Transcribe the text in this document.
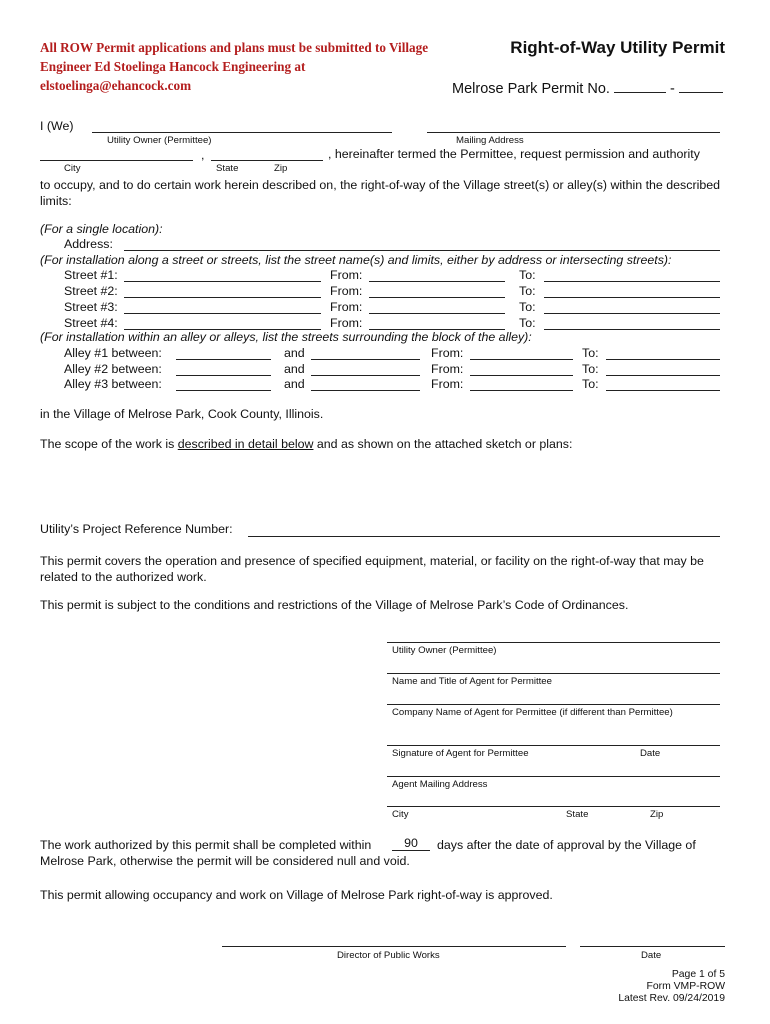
All ROW Permit applications and plans must be submitted to Village Engineer Ed Stoelinga Hancock Engineering at elstoelinga@ehancock.com
Right-of-Way Utility Permit
Melrose Park Permit No.	-
I (We)
Utility Owner (Permittee)	Mailing Address
,	, hereinafter termed the Permittee, request permission and authority
City	State	Zip
to occupy, and to do certain work herein described on, the right-of-way of the Village street(s) or alley(s) within the described limits:
(For a single location):
Address:
(For installation along a street or streets, list the street name(s) and limits, either by address or intersecting streets):
Street #1:	From:	To:
Street #2:	From:	To:
Street #3:	From:	To:
Street #4:	From:	To:
(For installation within an alley or alleys, list the streets surrounding the block of the alley):
Alley #1 between:	and	From:	To:
Alley #2 between:	and	From:	To:
Alley #3 between:	and	From:	To:
in the Village of Melrose Park, Cook County, Illinois.
The scope of the work is described in detail below and as shown on the attached sketch or plans:
Utility’s Project Reference Number:
This permit covers the operation and presence of specified equipment, material, or facility on the right-of-way that may be related to the authorized work.
This permit is subject to the conditions and restrictions of the Village of Melrose Park’s Code of Ordinances.
Utility Owner (Permittee)
Name and Title of Agent for Permittee
Company Name of Agent for Permittee (if different than Permittee)
Signature of Agent for Permittee	Date
Agent Mailing Address
City	State	Zip
The work authorized by this permit shall be completed within	90	days after the date of approval by the Village of
Melrose Park, otherwise the permit will be considered null and void.
This permit allowing occupancy and work on Village of Melrose Park right-of-way is approved.
Director of Public Works	Date
Page 1 of 5
Form VMP-ROW
Latest Rev. 09/24/2019
